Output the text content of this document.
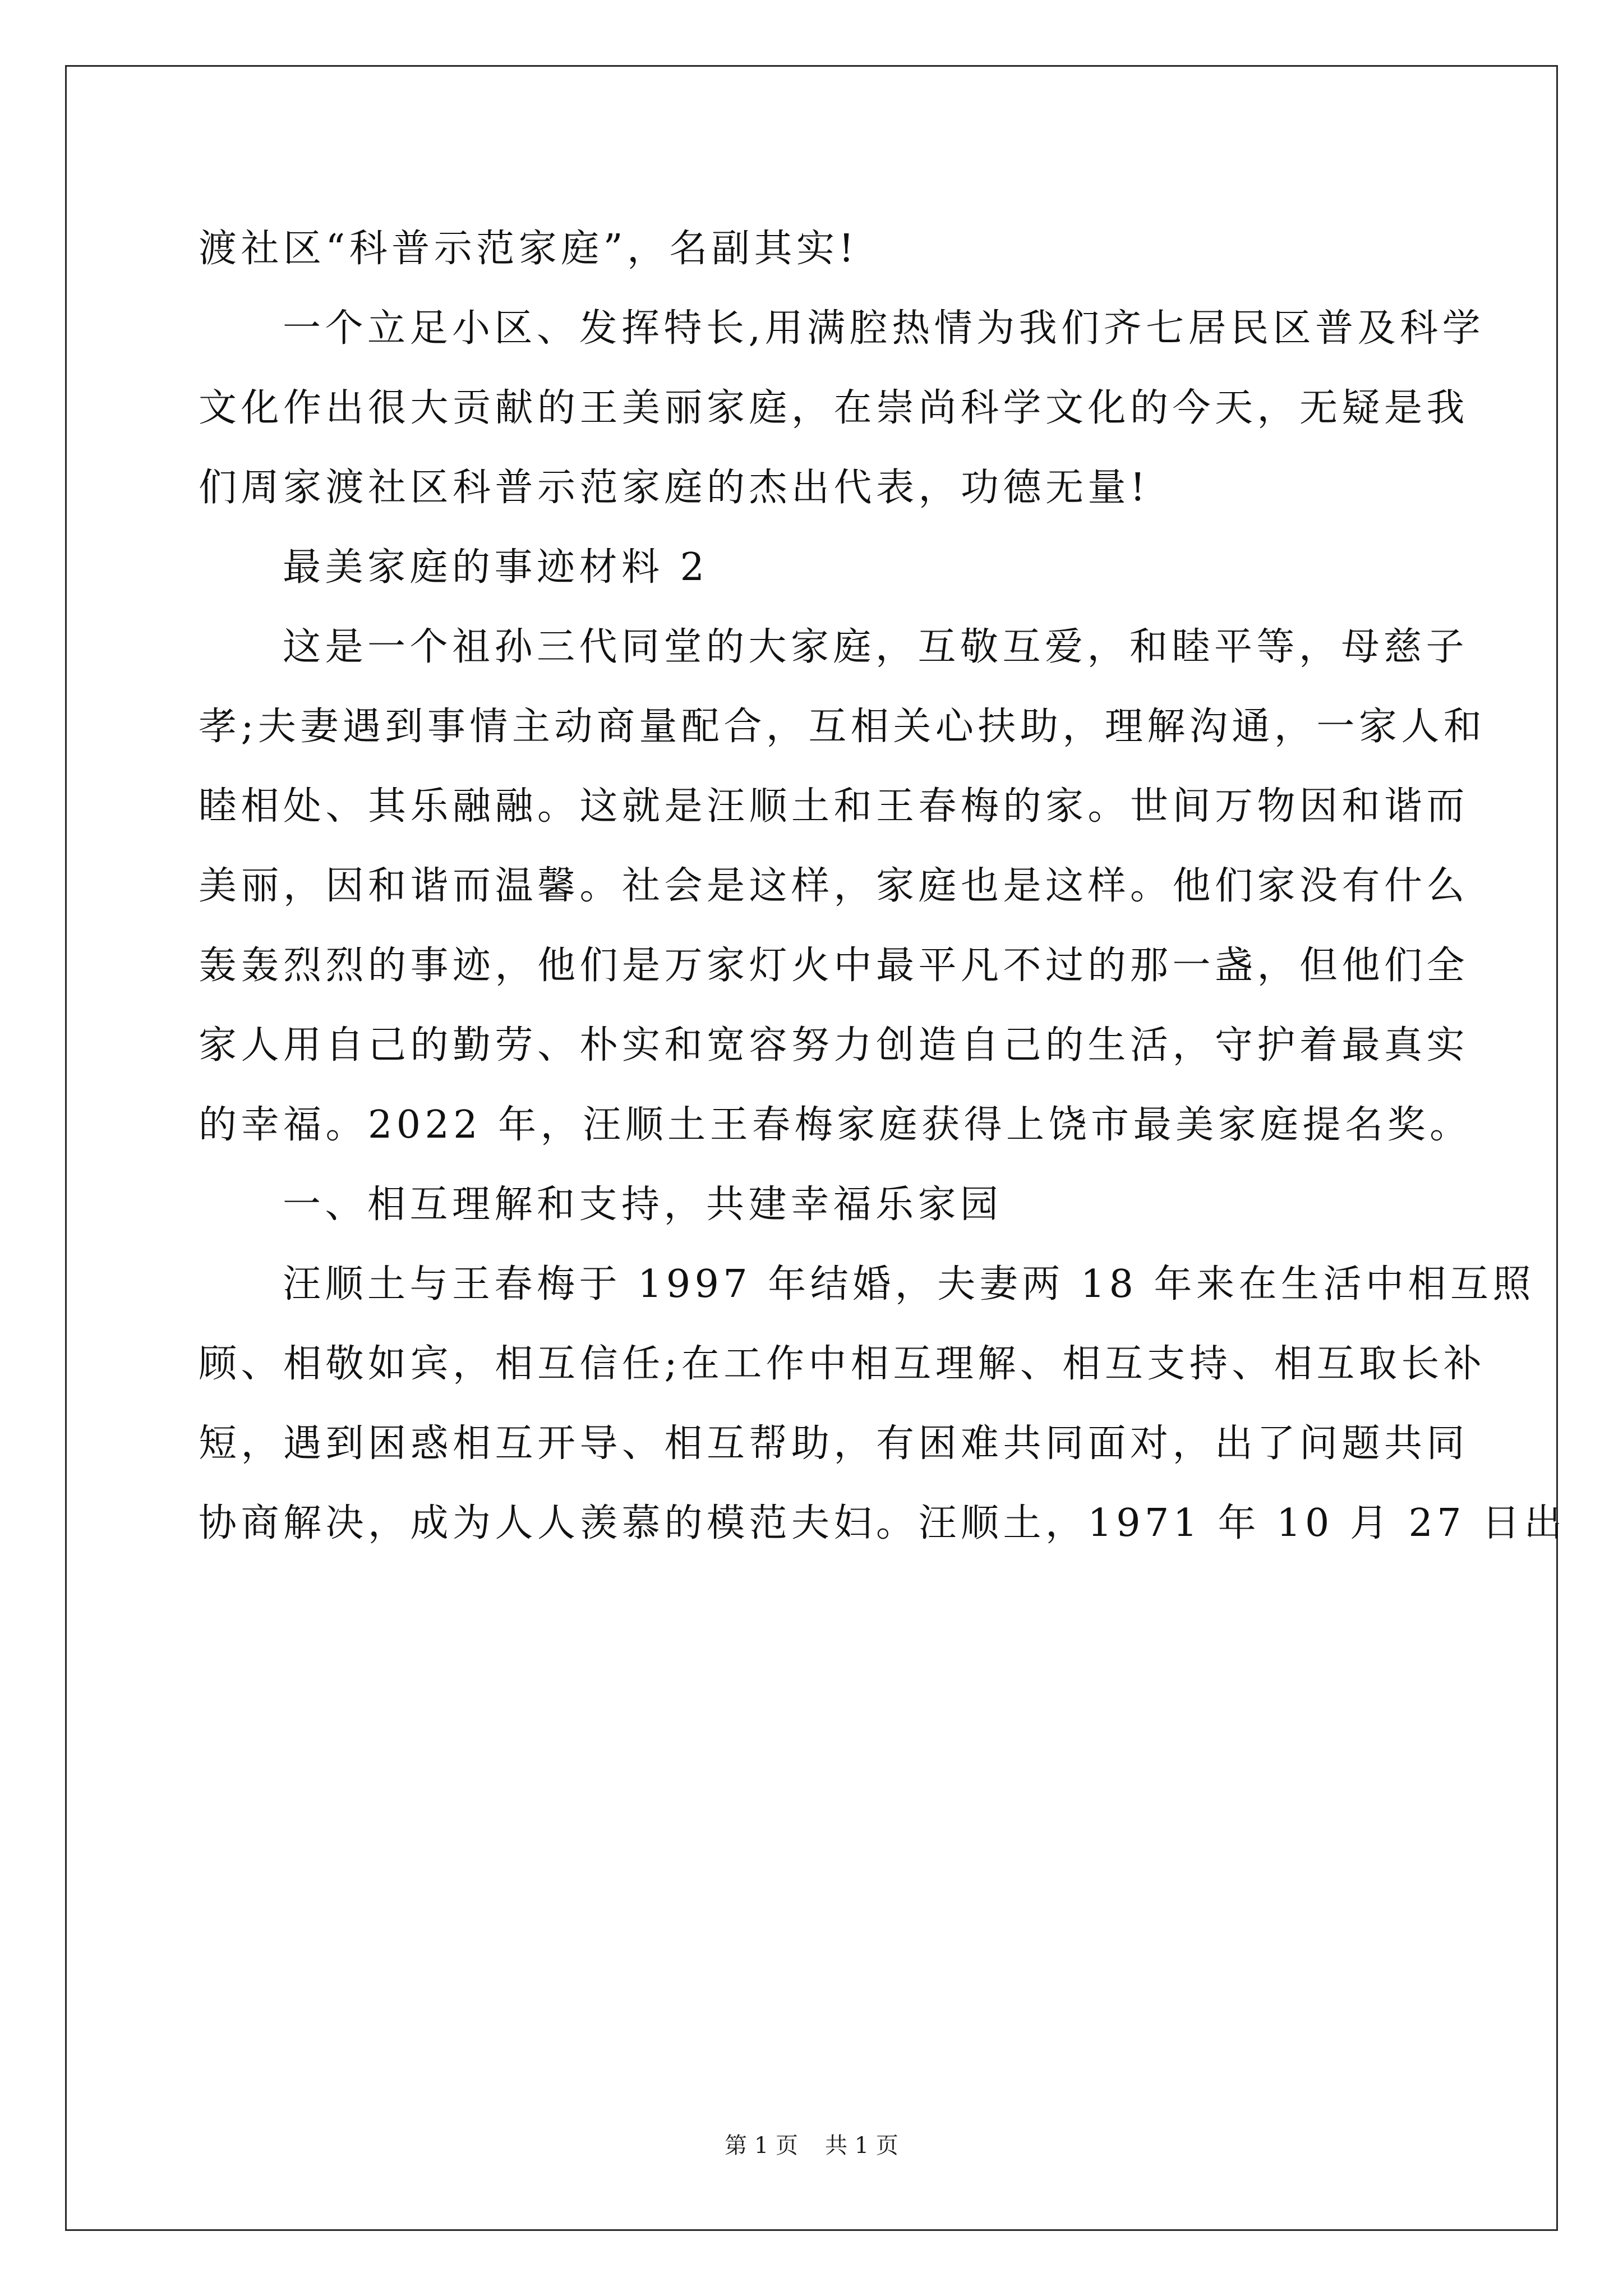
渡社区“科普示范家庭”，名副其实!
一个立足小区、发挥特长,用满腔热情为我们齐七居民区普及科学
文化作出很大贡献的王美丽家庭，在崇尚科学文化的今天，无疑是我
们周家渡社区科普示范家庭的杰出代表，功德无量!
最美家庭的事迹材料 2
这是一个祖孙三代同堂的大家庭，互敬互爱，和睦平等，母慈子
孝;夫妻遇到事情主动商量配合，互相关心扶助，理解沟通，一家人和
睦相处、其乐融融。这就是汪顺土和王春梅的家。世间万物因和谐而
美丽，因和谐而温馨。社会是这样，家庭也是这样。他们家没有什么
轰轰烈烈的事迹，他们是万家灯火中最平凡不过的那一盏，但他们全
家人用自己的勤劳、朴实和宽容努力创造自己的生活，守护着最真实
的幸福。2022 年，汪顺土王春梅家庭获得上饶市最美家庭提名奖。
一、相互理解和支持，共建幸福乐家园
汪顺土与王春梅于 1997 年结婚，夫妻两 18 年来在生活中相互照
顾、相敬如宾，相互信任;在工作中相互理解、相互支持、相互取长补
短，遇到困惑相互开导、相互帮助，有困难共同面对，出了问题共同
协商解决，成为人人羡慕的模范夫妇。汪顺土，1971 年 10 月 27 日出
第 1 页 共 1 页
